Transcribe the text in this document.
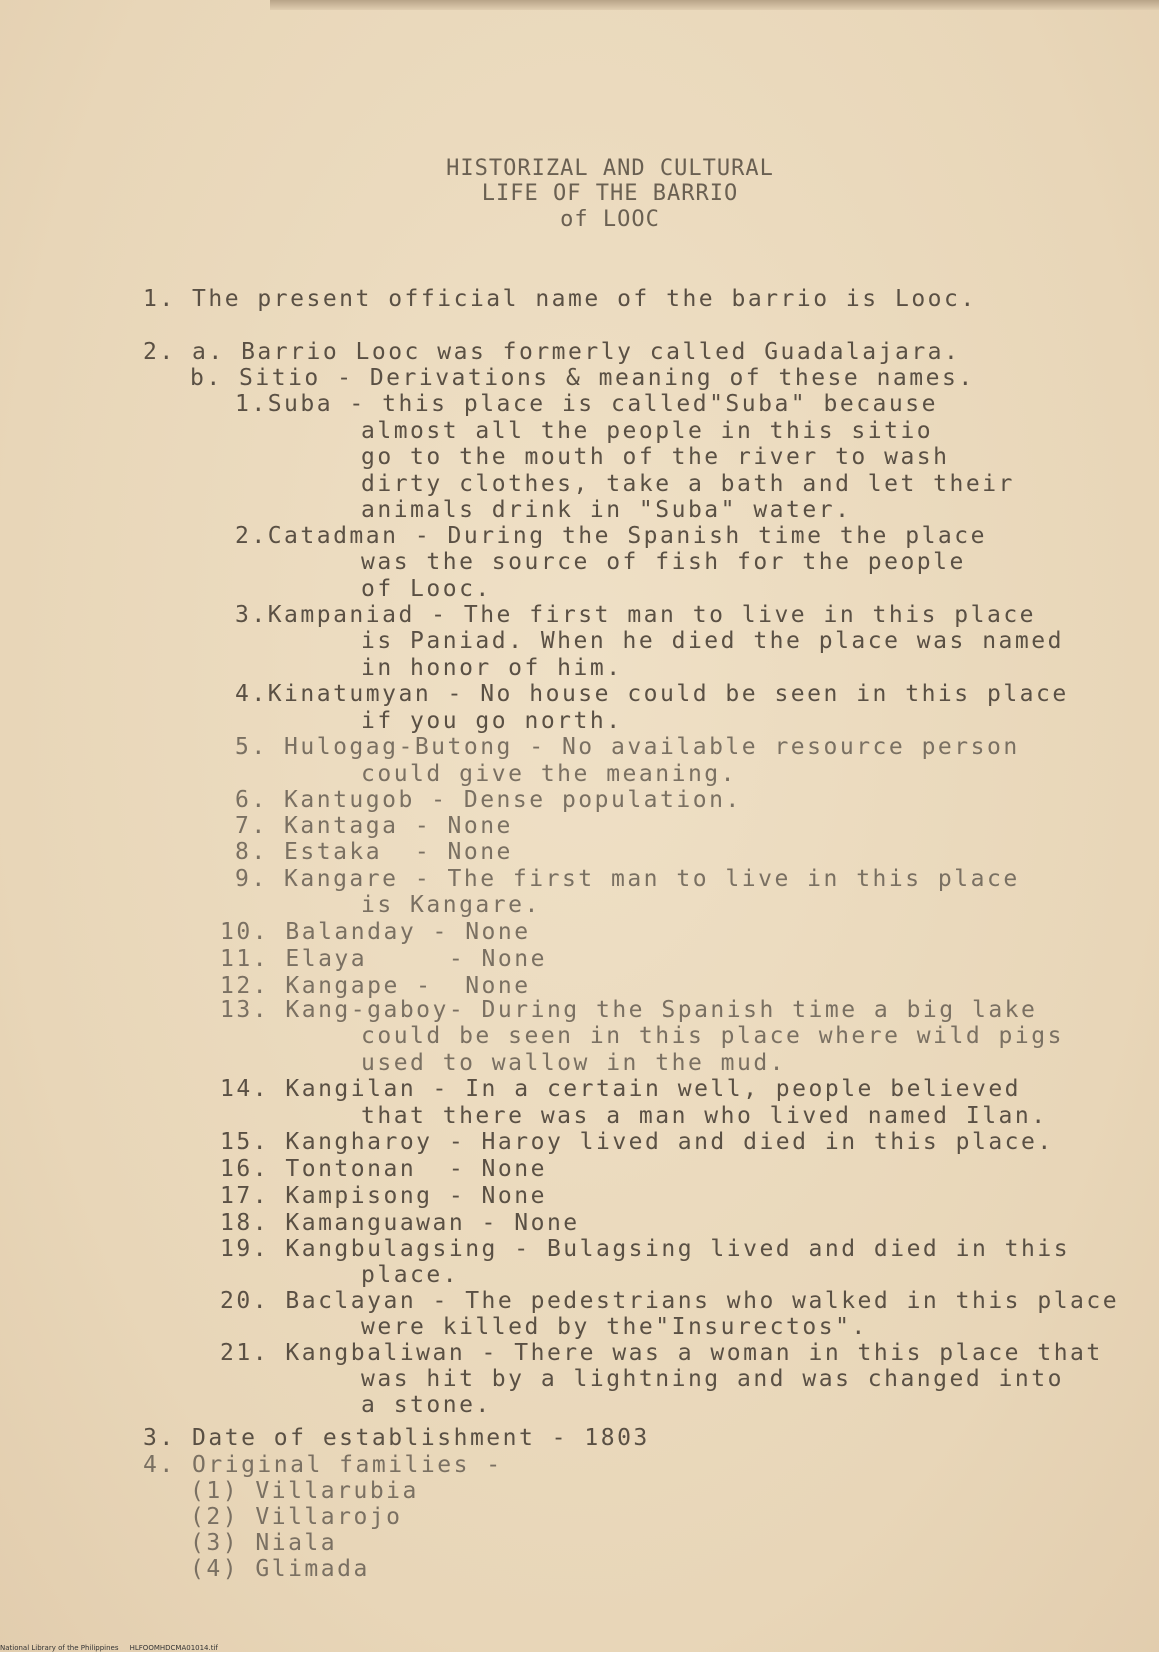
HISTORIZAL AND CULTURAL
LIFE OF THE BARRIO
of LOOC
1. The present official name of the barrio is Looc.
2. a. Barrio Looc was formerly called Guadalajara.
b. Sitio - Derivations & meaning of these names.
1.Suba - this place is called"Suba" because
almost all the people in this sitio
go to the mouth of the river to wash
dirty clothes, take a bath and let their
animals drink in "Suba" water.
2.Catadman - During the Spanish time the place
was the source of fish for the people
of Looc.
3.Kampaniad - The first man to live in this place
is Paniad. When he died the place was named
in honor of him.
4.Kinatumyan - No house could be seen in this place
if you go north.
5. Hulogag-Butong - No available resource person
could give the meaning.
6. Kantugob - Dense population.
7. Kantaga - None
8. Estaka  - None
9. Kangare - The first man to live in this place
is Kangare.
10. Balanday - None
11. Elaya     - None
12. Kangape -  None
13. Kang-gaboy- During the Spanish time a big lake
could be seen in this place where wild pigs
used to wallow in the mud.
14. Kangilan - In a certain well, people believed
that there was a man who lived named Ilan.
15. Kangharoy - Haroy lived and died in this place.
16. Tontonan  - None
17. Kampisong - None
18. Kamanguawan - None
19. Kangbulagsing - Bulagsing lived and died in this
place.
20. Baclayan - The pedestrians who walked in this place
were killed by the"Insurectos".
21. Kangbaliwan - There was a woman in this place that
was hit by a lightning and was changed into
a stone.
3. Date of establishment - 1803
4. Original families -
(1) Villarubia
(2) Villarojo
(3) Niala
(4) Glimada
National Library of the Philippines     HLFOOMHDCMA01014.tif
